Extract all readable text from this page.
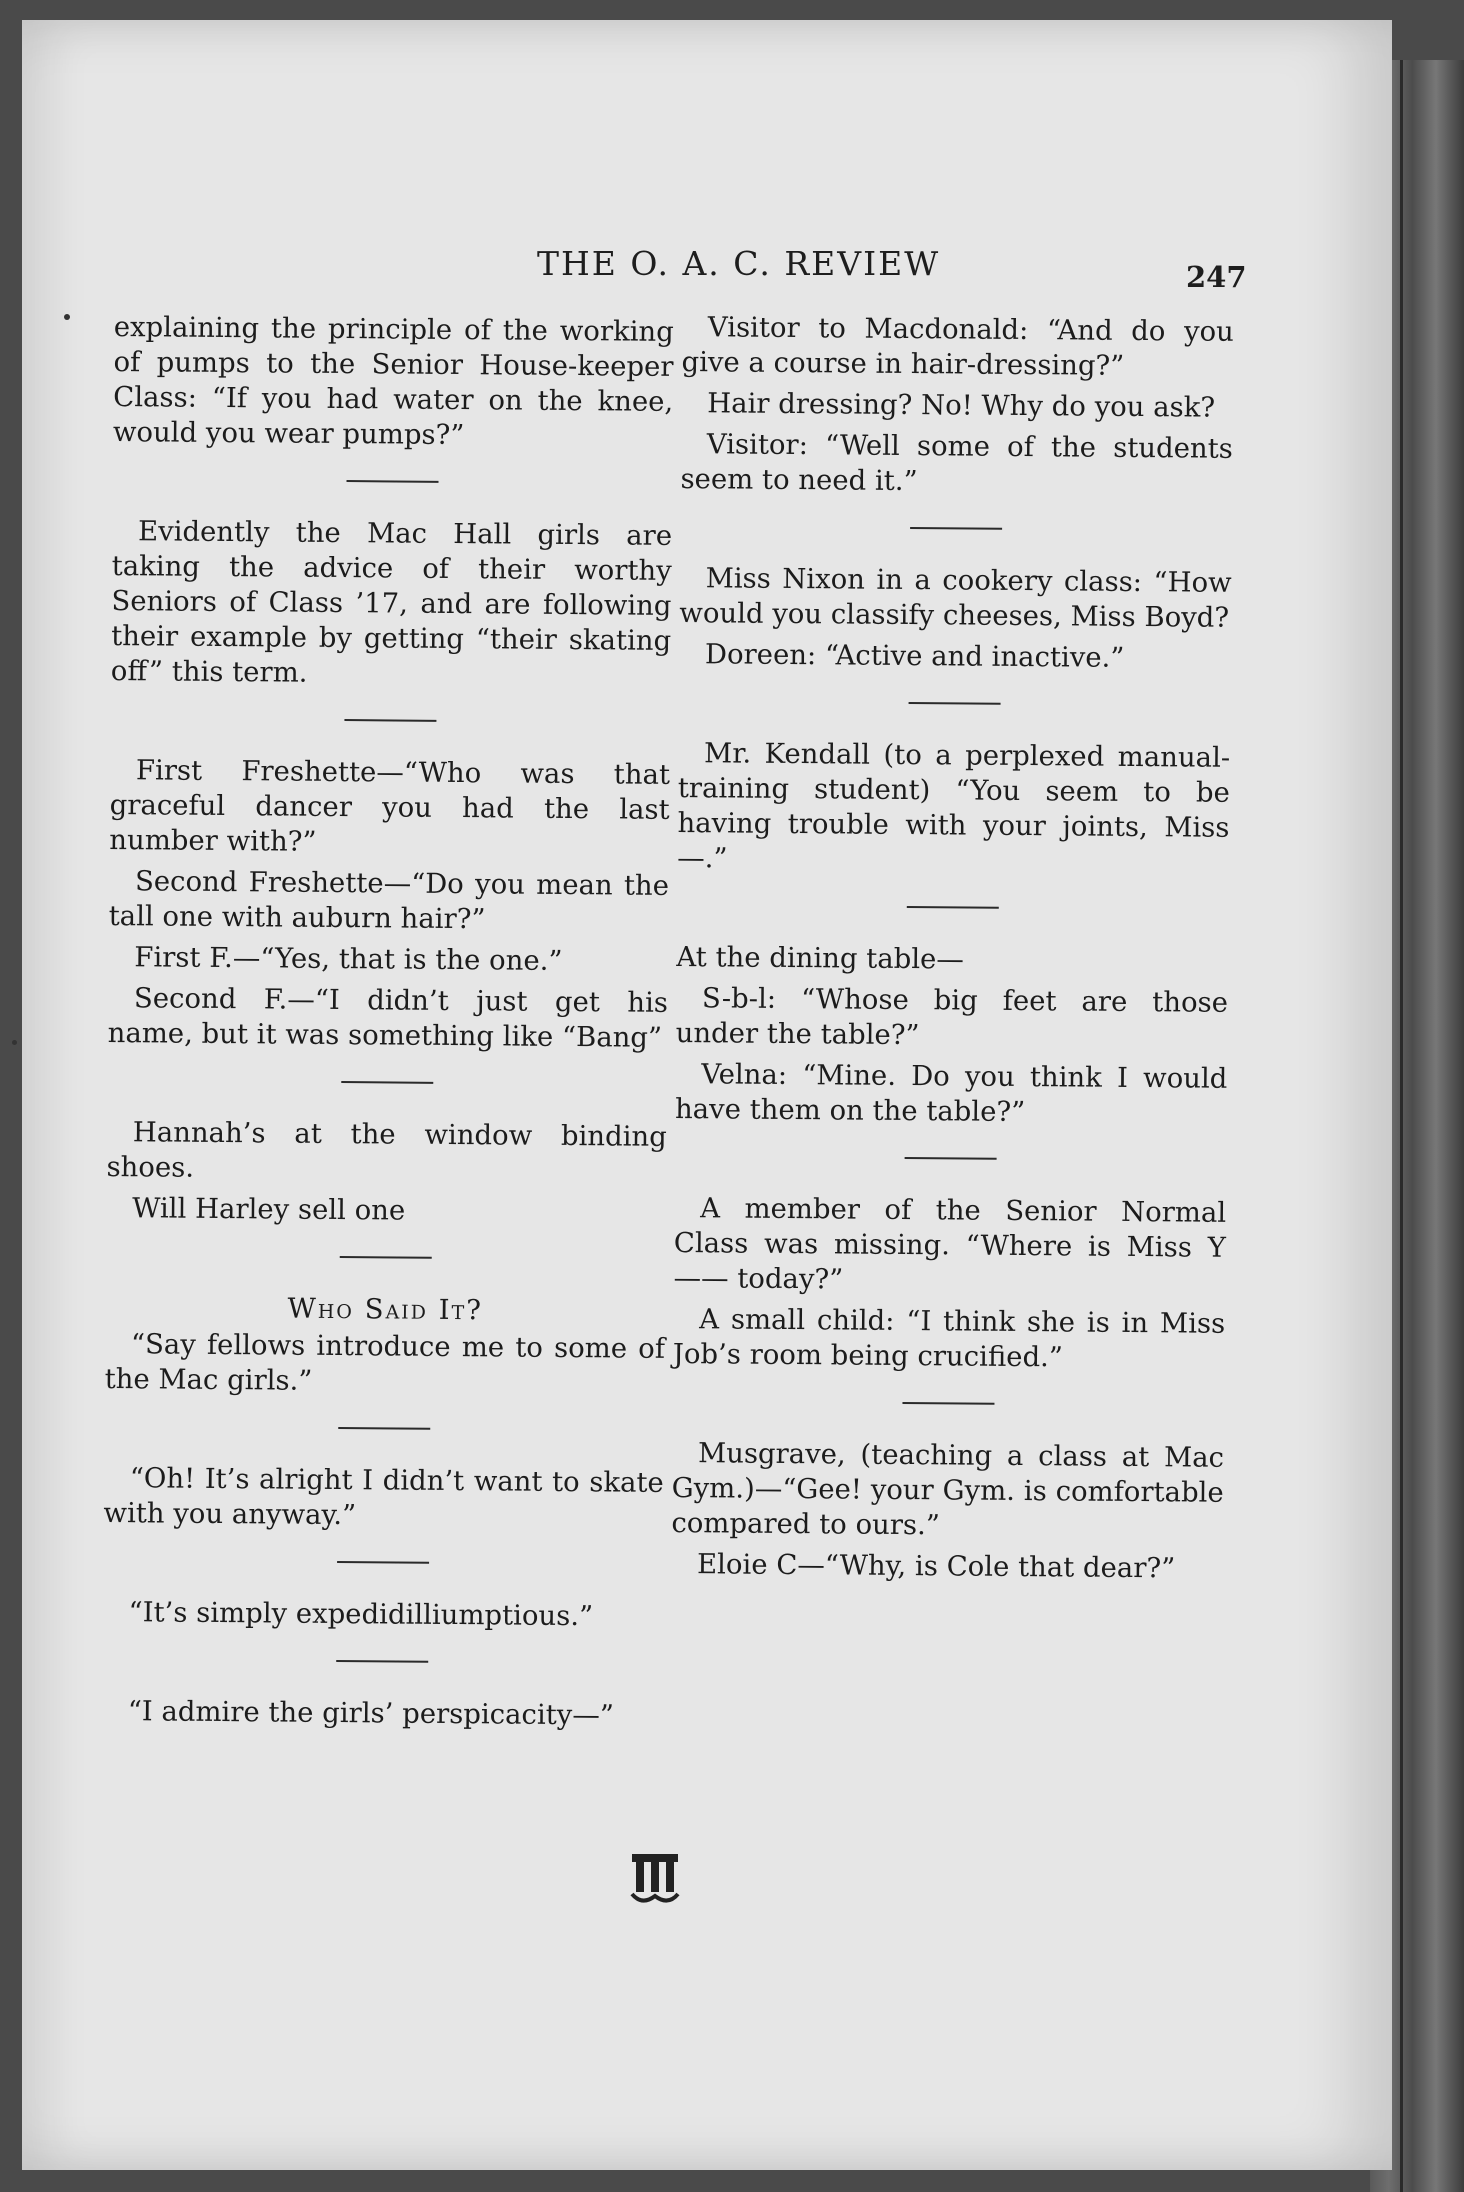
THE O. A. C. REVIEW	247

explaining the principle of the working of pumps to the Senior House-keeper Class: “If you had water on the knee, would you wear pumps?”

Evidently the Mac Hall girls are taking the advice of their worthy Seniors of Class ’17, and are following their example by getting “their skating off” this term.

First Freshette—“Who was that graceful dancer you had the last number with?”

Second Freshette—“Do you mean the tall one with auburn hair?”

First F.—“Yes, that is the one.”

Second F.—“I didn’t just get his name, but it was something like “Bang”

Hannah’s at the window binding shoes.

Will Harley sell one

Who Said It?

“Say fellows introduce me to some of the Mac girls.”

“Oh! It’s alright I didn’t want to skate with you anyway.”

“It’s simply expedidilliumptious.”

“I admire the girls’ perspicacity—”

Visitor to Macdonald: “And do you give a course in hair-dressing?”

Hair dressing? No! Why do you ask?

Visitor: “Well some of the students seem to need it.”

Miss Nixon in a cookery class: “How would you classify cheeses, Miss Boyd?

Doreen: “Active and inactive.”

Mr. Kendall (to a perplexed manual-training student) “You seem to be having trouble with your joints, Miss —.”

At the dining table—

S-b-l: “Whose big feet are those under the table?”

Velna: “Mine. Do you think I would have them on the table?”

A member of the Senior Normal Class was missing. “Where is Miss Y—— today?”

A small child: “I think she is in Miss Job’s room being crucified.”

Musgrave, (teaching a class at Mac Gym.)—“Gee! your Gym. is comfortable compared to ours.”

Eloie C—“Why, is Cole that dear?”
